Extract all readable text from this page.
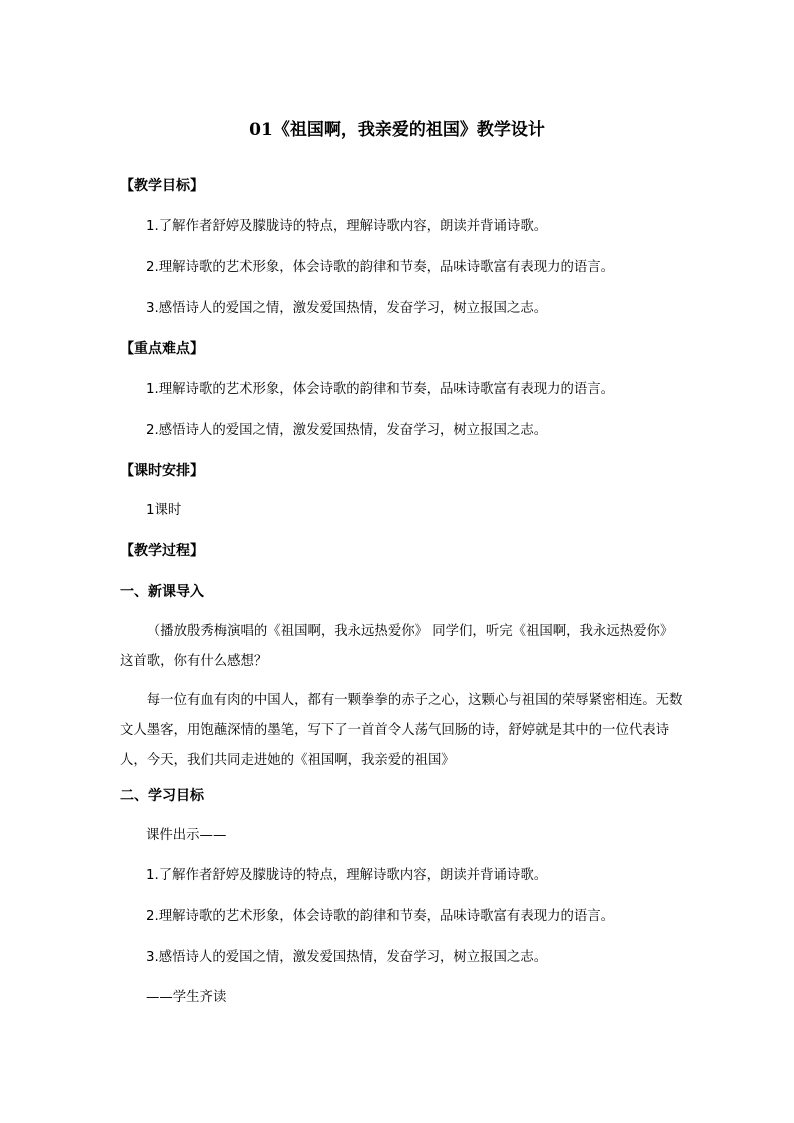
01《祖国啊，我亲爱的祖国》教学设计
【教学目标】
1.了解作者舒婷及朦胧诗的特点，理解诗歌内容，朗读并背诵诗歌。
2.理解诗歌的艺术形象，体会诗歌的韵律和节奏，品味诗歌富有表现力的语言。
3.感悟诗人的爱国之情，激发爱国热情，发奋学习，树立报国之志。
【重点难点】
1.理解诗歌的艺术形象，体会诗歌的韵律和节奏，品味诗歌富有表现力的语言。
2.感悟诗人的爱国之情，激发爱国热情，发奋学习，树立报国之志。
【课时安排】
1课时
【教学过程】
一、新课导入
（播放殷秀梅演唱的《祖国啊，我永远热爱你》 同学们，听完《祖国啊，我永远热爱你》这首歌，你有什么感想？
每一位有血有肉的中国人，都有一颗拳拳的赤子之心，这颗心与祖国的荣辱紧密相连。无数文人墨客，用饱蘸深情的墨笔，写下了一首首令人荡气回肠的诗，舒婷就是其中的一位代表诗人，今天，我们共同走进她的《祖国啊，我亲爱的祖国》
二、学习目标
课件出示——
1.了解作者舒婷及朦胧诗的特点，理解诗歌内容，朗读并背诵诗歌。
2.理解诗歌的艺术形象，体会诗歌的韵律和节奏，品味诗歌富有表现力的语言。
3.感悟诗人的爱国之情，激发爱国热情，发奋学习，树立报国之志。
——学生齐读
